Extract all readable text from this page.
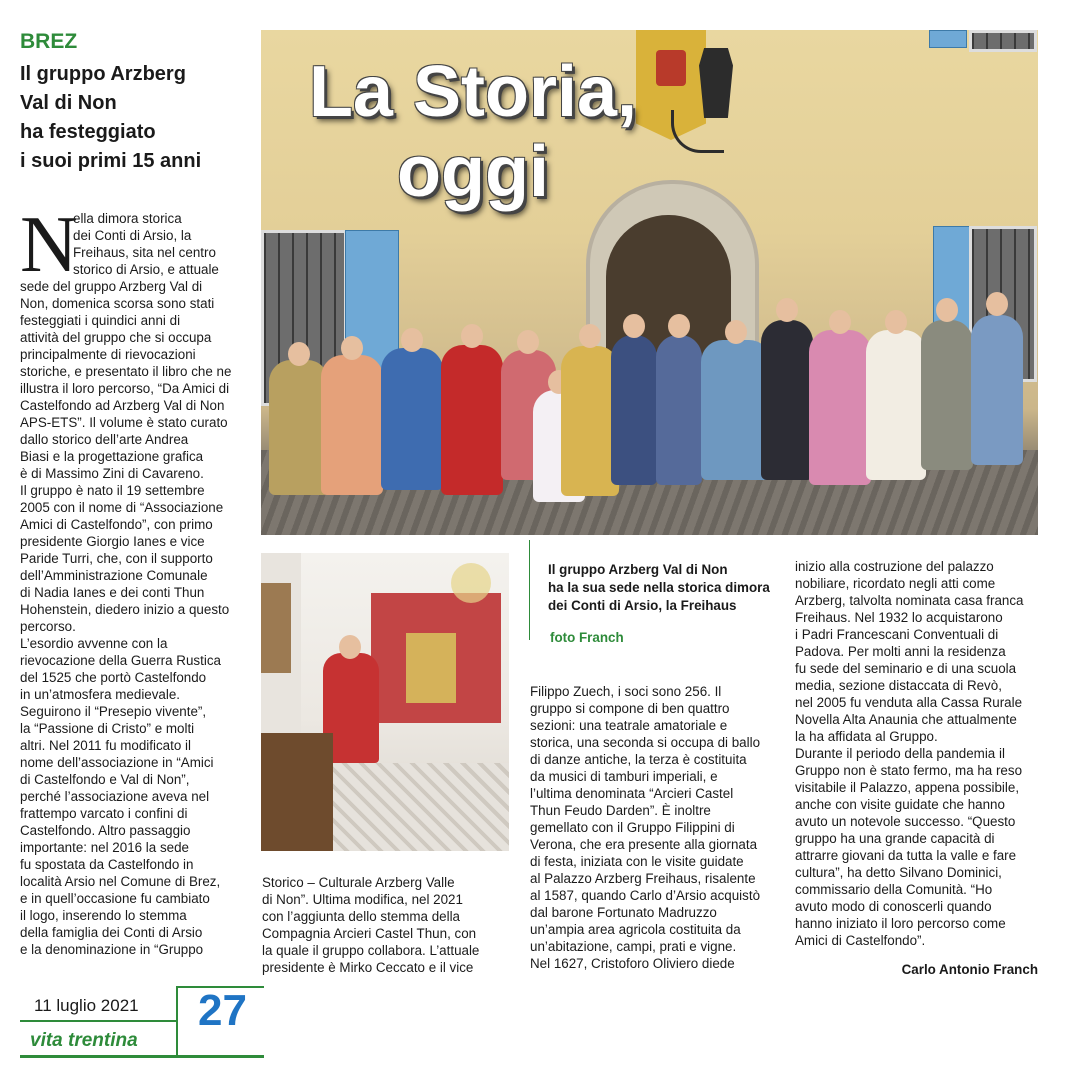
BREZ
Il gruppo Arzberg
Val di Non
ha festeggiato
i suoi primi 15 anni
La Storia,
oggi
N
ella dimora storica
dei Conti di Arsio, la
Freihaus, sita nel centro
storico di Arsio, e attuale
sede del gruppo Arzberg Val di
Non, domenica scorsa sono stati
festeggiati i quindici anni di
attività del gruppo che si occupa
principalmente di rievocazioni
storiche, e presentato il libro che ne
illustra il loro percorso, “Da Amici di
Castelfondo ad Arzberg Val di Non
APS-ETS”. Il volume è stato curato
dallo storico dell’arte Andrea
Biasi e la progettazione grafica
è di Massimo Zini di Cavareno.
Il gruppo è nato il 19 settembre
2005 con il nome di “Associazione
Amici di Castelfondo”, con primo
presidente Giorgio Ianes e vice
Paride Turri, che, con il supporto
dell’Amministrazione Comunale
di Nadia Ianes e dei conti Thun
Hohenstein, diedero inizio a questo
percorso.
L’esordio avvenne con la
rievocazione della Guerra Rustica
del 1525 che portò Castelfondo
in un’atmosfera medievale.
Seguirono il “Presepio vivente”,
la “Passione di Cristo” e molti
altri. Nel 2011 fu modificato il
nome dell’associazione in “Amici
di Castelfondo e Val di Non”,
perché l’associazione aveva nel
frattempo varcato i confini di
Castelfondo. Altro passaggio
importante: nel 2016 la sede
fu spostata da Castelfondo in
località Arsio nel Comune di Brez,
e in quell’occasione fu cambiato
il logo, inserendo lo stemma
della famiglia dei Conti di Arsio
e la denominazione in “Gruppo
Storico – Culturale Arzberg Valle
di Non”. Ultima modifica, nel 2021
con l’aggiunta dello stemma della
Compagnia Arcieri Castel Thun, con
la quale il gruppo collabora. L’attuale
presidente è Mirko Ceccato e il vice
Il gruppo Arzberg Val di Non
ha la sua sede nella storica dimora
dei Conti di Arsio, la Freihaus
foto Franch
Filippo Zuech, i soci sono 256. Il
gruppo si compone di ben quattro
sezioni: una teatrale amatoriale e
storica, una seconda si occupa di ballo
di danze antiche, la terza è costituita
da musici di tamburi imperiali, e
l’ultima denominata “Arcieri Castel
Thun Feudo Darden”. È inoltre
gemellato con il Gruppo Filippini di
Verona, che era presente alla giornata
di festa, iniziata con le visite guidate
al Palazzo Arzberg Freihaus, risalente
al 1587, quando Carlo d’Arsio acquistò
dal barone Fortunato Madruzzo
un’ampia area agricola costituita da
un’abitazione, campi, prati e vigne.
Nel 1627, Cristoforo Oliviero diede
inizio alla costruzione del palazzo
nobiliare, ricordato negli atti come
Arzberg, talvolta nominata casa franca
Freihaus. Nel 1932 lo acquistarono
i Padri Francescani Conventuali di
Padova. Per molti anni la residenza
fu sede del seminario e di una scuola
media, sezione distaccata di Revò,
nel 2005 fu venduta alla Cassa Rurale
Novella Alta Anaunia che attualmente
la ha affidata al Gruppo.
Durante il periodo della pandemia il
Gruppo non è stato fermo, ma ha reso
visitabile il Palazzo, appena possibile,
anche con visite guidate che hanno
avuto un notevole successo. “Questo
gruppo ha una grande capacità di
attrarre giovani da tutta la valle e fare
cultura”, ha detto Silvano Dominici,
commissario della Comunità. “Ho
avuto modo di conoscerli quando
hanno iniziato il loro percorso come
Amici di Castelfondo”.
Carlo Antonio Franch
11 luglio 2021
vita trentina
27
